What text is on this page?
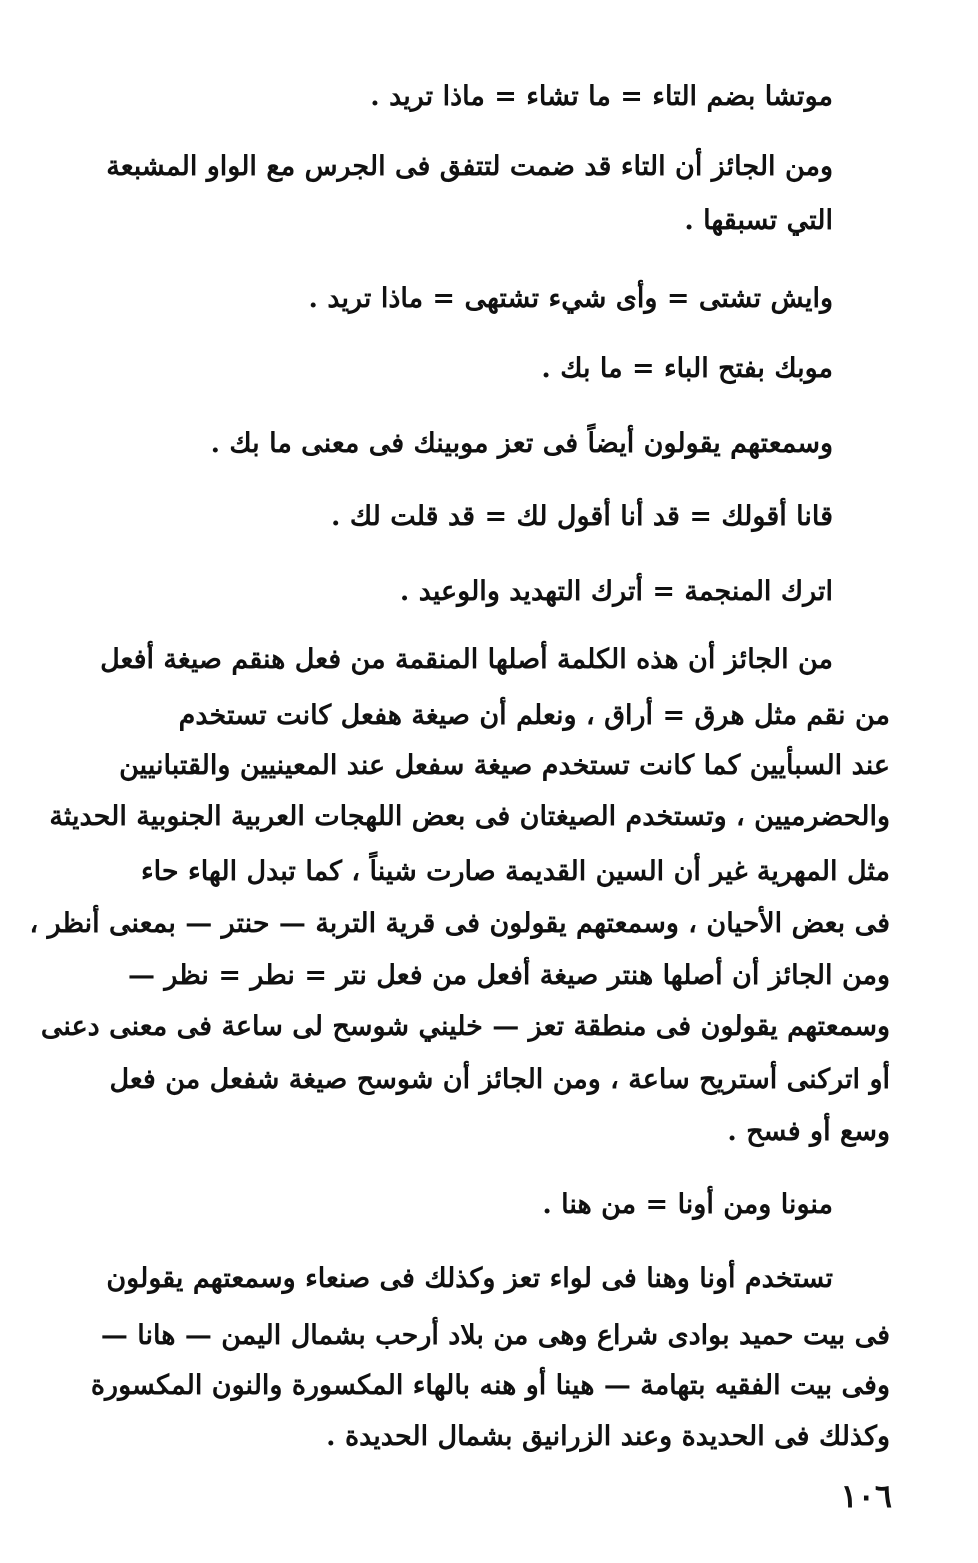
موتشا بضم التاء = ما تشاء = ماذا تريد .
ومن الجائز أن التاء قد ضمت لتتفق فى الجرس مع الواو المشبعة
التي تسبقها .
وايش تشتى = وأى شيء تشتهى = ماذا تريد .
موبك بفتح الباء = ما بك .
وسمعتهم يقولون أيضاً فى تعز موبينك فى معنى ما بك .
قانا أقولك = قد أنا أقول لك = قد قلت لك .
اترك المنجمة = أترك التهديد والوعيد .
من الجائز أن هذه الكلمة أصلها المنقمة من فعل هنقم صيغة أفعل
من نقم مثل هرق = أراق ، ونعلم أن صيغة هفعل كانت تستخدم
عند السبأيين كما كانت تستخدم صيغة سفعل عند المعينيين والقتبانيين
والحضرميين ، وتستخدم الصيغتان فى بعض اللهجات العربية الجنوبية الحديثة
مثل المهرية غير أن السين القديمة صارت شيناً ، كما تبدل الهاء حاء
فى بعض الأحيان ، وسمعتهم يقولون فى قرية التربة — حنتر — بمعنى أنظر ،
ومن الجائز أن أصلها هنتر صيغة أفعل من فعل نتر = نطر = نظر —
وسمعتهم يقولون فى منطقة تعز — خليني شوسح لى ساعة فى معنى دعنى
أو اتركنى أستريح ساعة ، ومن الجائز أن شوسح صيغة شفعل من فعل
وسع أو فسح .
منونا ومن أونا = من هنا .
تستخدم أونا وهنا فى لواء تعز وكذلك فى صنعاء وسمعتهم يقولون
فى بيت حميد بوادى شراع وهى من بلاد أرحب بشمال اليمن — هانا —
وفى بيت الفقيه بتهامة — هينا أو هنه بالهاء المكسورة والنون المكسورة
وكذلك فى الحديدة وعند الزرانيق بشمال الحديدة .
١٠٦
